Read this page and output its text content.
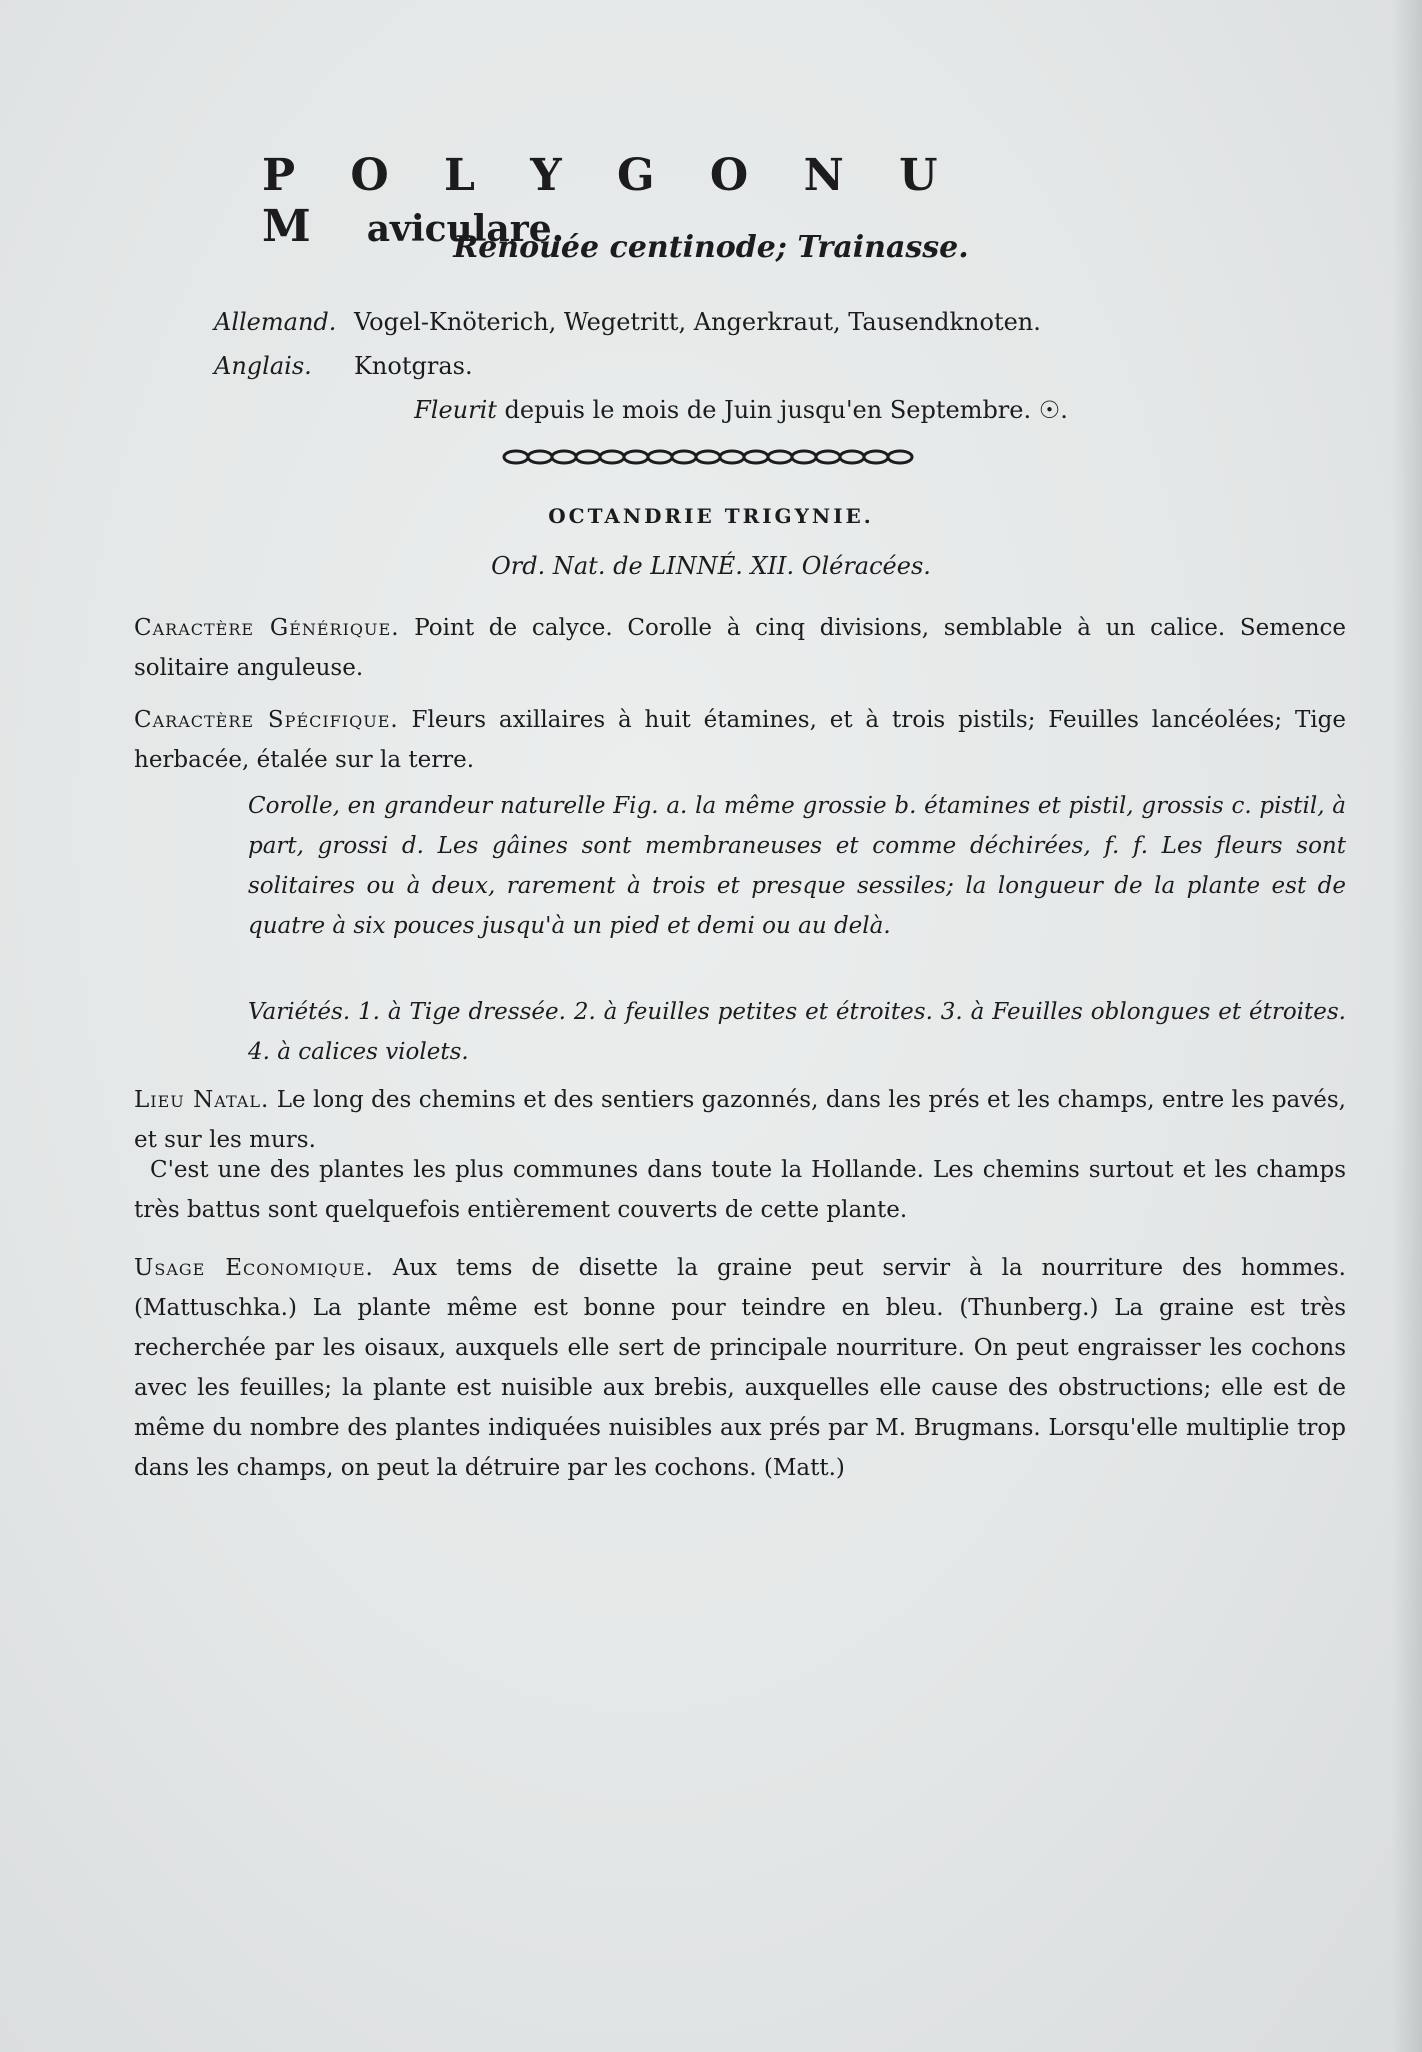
P O L Y G O N U M aviculare.
Renouée centinode; Trainasse.
Allemand. Vogel-Knöterich, Wegetritt, Angerkraut, Tausendknoten.
Anglais. Knotgras.
Fleurit depuis le mois de Juin jusqu'en Septembre. ☉.
OCTANDRIE TRIGYNIE.
Ord. Nat. de LINNÉ. XII. Oléracées.
Caractère Générique. Point de calyce. Corolle à cinq divisions, semblable à un calice. Semence solitaire anguleuse.
Caractère Spécifique. Fleurs axillaires à huit étamines, et à trois pistils; Feuilles lancéolées; Tige herbacée, étalée sur la terre.
Corolle, en grandeur naturelle Fig. a. la même grossie b. étamines et pistil, grossis c. pistil, à part, grossi d. Les gâines sont membraneuses et comme déchirées, f. f. Les fleurs sont solitaires ou à deux, rarement à trois et presque sessiles; la longueur de la plante est de quatre à six pouces jusqu'à un pied et demi ou au delà.
Variétés. 1. à Tige dressée. 2. à feuilles petites et étroites. 3. à Feuilles oblongues et étroites. 4. à calices violets.
Lieu Natal. Le long des chemins et des sentiers gazonnés, dans les prés et les champs, entre les pavés, et sur les murs.
C'est une des plantes les plus communes dans toute la Hollande. Les chemins surtout et les champs très battus sont quelquefois entièrement couverts de cette plante.
Usage Economique. Aux tems de disette la graine peut servir à la nourriture des hommes. (Mattuschka.) La plante même est bonne pour teindre en bleu. (Thunberg.) La graine est très recherchée par les oisaux, auxquels elle sert de principale nourriture. On peut engraisser les cochons avec les feuilles; la plante est nuisible aux brebis, auxquelles elle cause des obstructions; elle est de même du nombre des plantes indiquées nuisibles aux prés par M. Brugmans. Lorsqu'elle multiplie trop dans les champs, on peut la détruire par les cochons. (Matt.)
